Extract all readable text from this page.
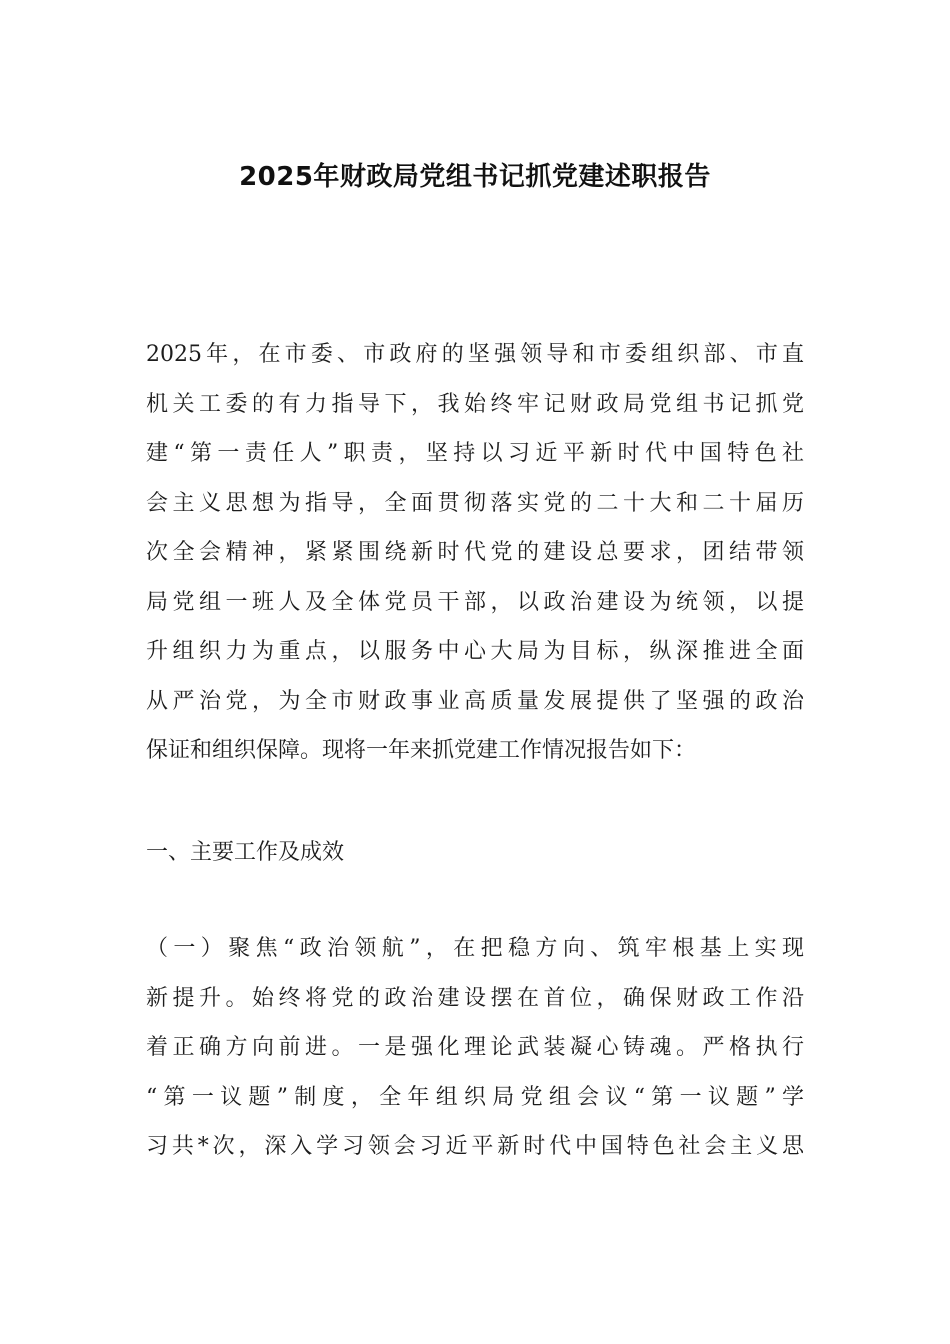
2025年财政局党组书记抓党建述职报告
2025年，在市委、市政府的坚强领导和市委组织部、市直
机关工委的有力指导下，我始终牢记财政局党组书记抓党
建“第一责任人”职责，坚持以习近平新时代中国特色社
会主义思想为指导，全面贯彻落实党的二十大和二十届历
次全会精神，紧紧围绕新时代党的建设总要求，团结带领
局党组一班人及全体党员干部，以政治建设为统领，以提
升组织力为重点，以服务中心大局为目标，纵深推进全面
从严治党，为全市财政事业高质量发展提供了坚强的政治
保证和组织保障。现将一年来抓党建工作情况报告如下：
一、主要工作及成效
（一）聚焦“政治领航”，在把稳方向、筑牢根基上实现
新提升。始终将党的政治建设摆在首位，确保财政工作沿
着正确方向前进。一是强化理论武装凝心铸魂。严格执行
“第一议题”制度，全年组织局党组会议“第一议题”学
习共*次，深入学习领会习近平新时代中国特色社会主义思
